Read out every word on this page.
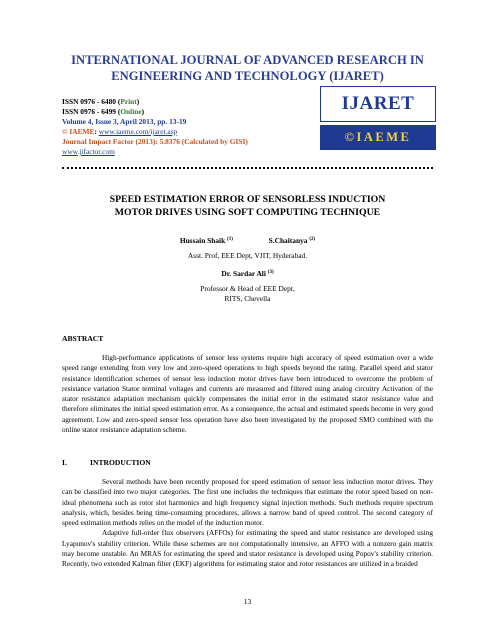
INTERNATIONAL JOURNAL OF ADVANCED RESEARCH IN
ENGINEERING AND TECHNOLOGY (IJARET)
ISSN 0976 - 6480 (Print)
ISSN 0976 - 6499 (Online)
Volume 4, Issue 3, April 2013, pp. 13-19
© IAEME: www.iaeme.com/ijaret.asp
Journal Impact Factor (2013): 5.8376 (Calculated by GISI)
www.jifactor.com
IJARET
©IAEME
SPEED ESTIMATION ERROR OF SENSORLESS INDUCTION
MOTOR DRIVES USING SOFT COMPUTING TECHNIQUE
Hussain Shaik $^{(1)}$	S.Chaitanya $^{(2)}$
Asst. Prof, EEE Dept, VJIT, Hyderabad.
Dr. Sardar Ali $^{(3)}$
Professor & Head of EEE Dept,
RITS, Chevella
ABSTRACT

High-performance applications of sensor less systems require high accuracy of speed estimation over a wide speed range extending from very low and zero-speed operations to high speeds beyond the rating. Parallel speed and stator resistance identification schemes of sensor less induction motor drives have been introduced to overcome the problem of resistance variation Stator terminal voltages and currents are measured and filtered using analog circuitry Activation of the stator resistance adaptation mechanism quickly compensates the initial error in the estimated stator resistance value and therefore eliminates the initial speed estimation error. As a consequence, the actual and estimated speeds become in very good agreement. Low and zero-speed sensor less operation have also been investigated by the proposed SMO combined with the online stator resistance adaptation scheme.

I.	INTRODUCTION

Several methods have been recently proposed for speed estimation of sensor less induction motor drives. They can be classified into two major categories. The first one includes the techniques that estimate the rotor speed based on non-ideal phenomena such as rotor slot harmonics and high frequency signal injection methods. Such methods require spectrum analysis, which, besides being time-consuming procedures, allows a narrow band of speed control. The second category of speed estimation methods relies on the model of the induction motor.

Adaptive full-order flux observers (AFFOs) for estimating the speed and stator resistance are developed using Lyapunov's stability criterion. While these schemes are not computationally intensive, an AFFO with a nonzero gain matrix may become unstable. An MRAS for estimating the speed and stator resistance is developed using Popov's stability criterion. Recently, two extended Kalman filter (EKF) algorithms for estimating stator and rotor resistances are utilized in a braided

13
